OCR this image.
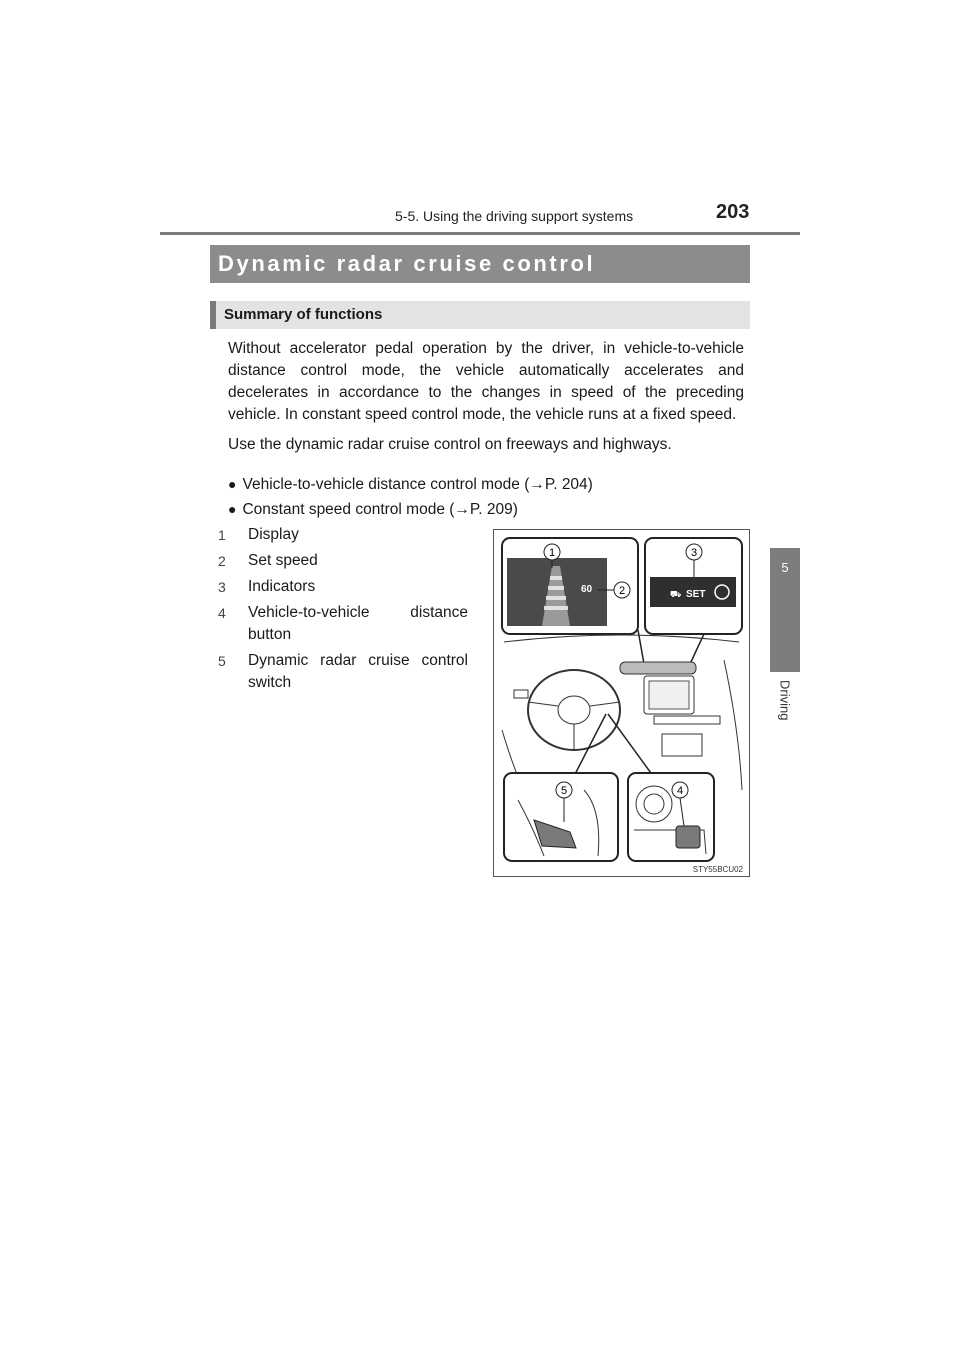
5-5. Using the driving support systems	203
5
Driving
Dynamic radar cruise control
Summary of functions

Without accelerator pedal operation by the driver, in vehicle-to-vehicle distance control mode, the vehicle automatically accelerates and decelerates in accordance to the changes in speed of the preceding vehicle. In constant speed control mode, the vehicle runs at a fixed speed.

Use the dynamic radar cruise control on freeways and highways.

● Vehicle-to-vehicle distance control mode (→P. 204)
● Constant speed control mode (→P. 209)
1	Display
2	Set speed
3	Indicators
4	Vehicle-to-vehicle distance button
5	Dynamic radar cruise control switch
60
1
2	⛟ SET
3
5	4
STY55BCU02
